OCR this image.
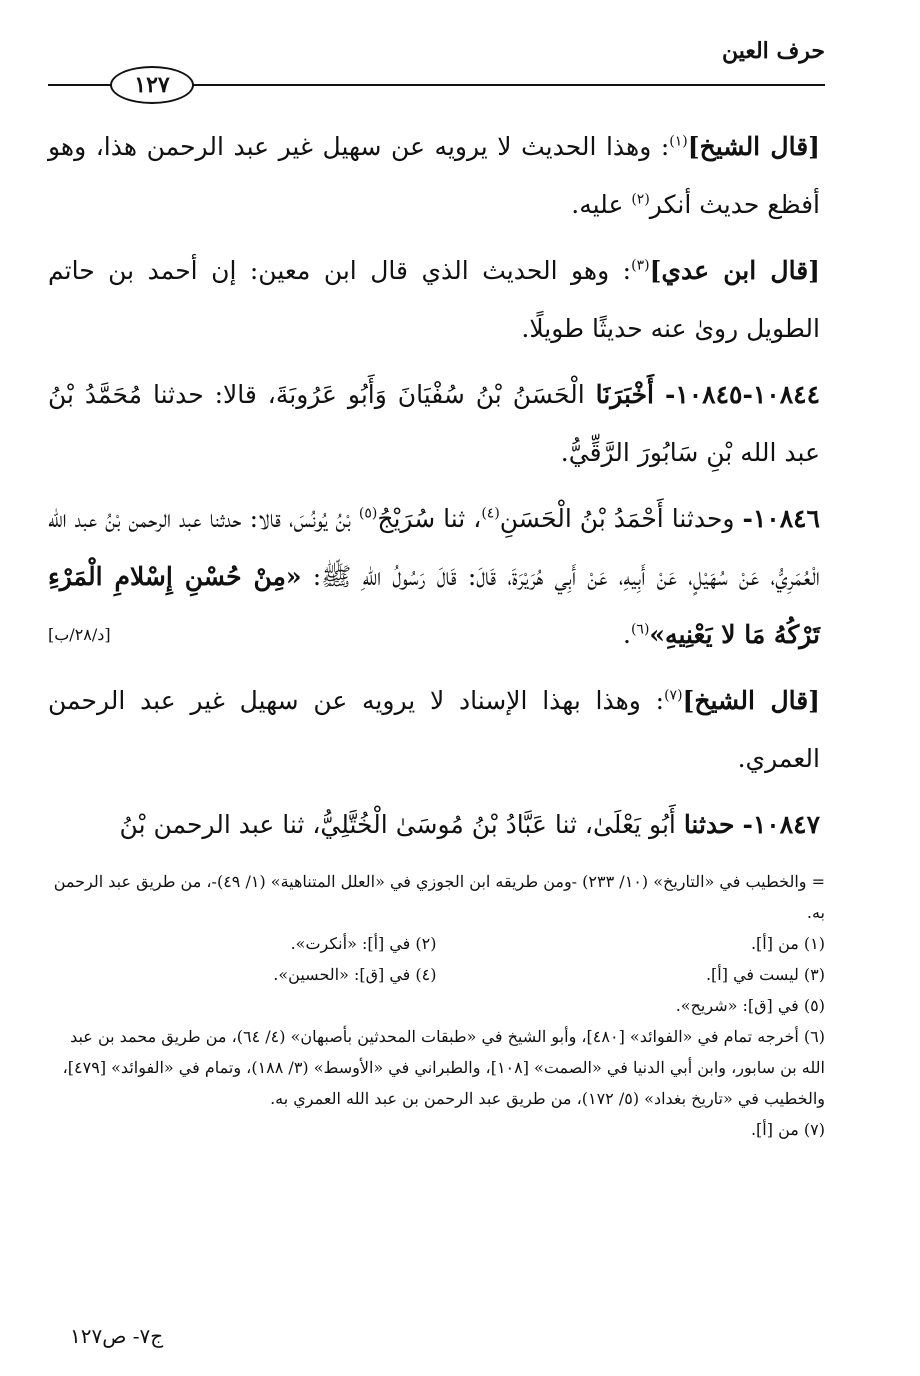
حرف العين
١٢٧

[قال الشيخ]$^{(١)}$: وهذا الحديث لا يرويه عن سهيل غير عبد الرحمن هذا، وهو أفظع حديث أنكر$^{(٢)}$ عليه.

[قال ابن عدي]$^{(٣)}$: وهو الحديث الذي قال ابن معين: إن أحمد بن حاتم الطويل روىٰ عنه حديثًا طويلًا.

١٠٨٤٤-١٠٨٤٥- أَخْبَرَنَا الْحَسَنُ بْنُ سُفْيَانَ وَأَبُو عَرُوبَةَ، قالا: حدثنا مُحَمَّدُ بْنُ عبد الله بْنِ سَابُورَ الرَّقِّيُّ.

١٠٨٤٦- وحدثنا أَحْمَدُ بْنُ الْحَسَنِ$^{(٤)}$، ثنا سُرَيْجُ$^{(٥)}$ بْنُ يُونُسَ، قالا: حدثنا عبد الرحمن بْنُ عبد الله الْعُمَرِيُّ، عَنْ سُهَيْلٍ، عَنْ أَبِيهِ، عَنْ أَبِي هُرَيْرَةَ، قَالَ: قَالَ رَسُولُ اللهِ ﷺ: «مِنْ حُسْنِ إِسْلامِ الْمَرْءِ تَرْكُهُ مَا لا يَعْنِيهِ»$^{(٦)}$.
[د/٢٨/ب]

[قال الشيخ]$^{(٧)}$: وهذا بهذا الإسناد لا يرويه عن سهيل غير عبد الرحمن العمري.

١٠٨٤٧- حدثنا أَبُو يَعْلَىٰ، ثنا عَبَّادُ بْنُ مُوسَىٰ الْخُتَّلِيُّ، ثنا عبد الرحمن بْنُ

= والخطيب في «التاريخ» (١٠/ ٢٣٣) -ومن طريقه ابن الجوزي في «العلل المتناهية» (١/ ٤٩)-، من طريق عبد الرحمن به.

(١) من [أ].

(٢) في [أ]: «أنكرت».

(٣) ليست في [أ].

(٤) في [ق]: «الحسين».

(٥) في [ق]: «شريح».

(٦) أخرجه تمام في «الفوائد» [٤٨٠]، وأبو الشيخ في «طبقات المحدثين بأصبهان» (٤/ ٦٤)، من طريق محمد بن عبد الله بن سابور، وابن أبي الدنيا في «الصمت» [١٠٨]، والطبراني في «الأوسط» (٣/ ١٨٨)، وتمام في «الفوائد» [٤٧٩]، والخطيب في «تاريخ بغداد» (٥/ ١٧٢)، من طريق عبد الرحمن بن عبد الله العمري به.

(٧) من [أ].

ج٧- ص١٢٧
